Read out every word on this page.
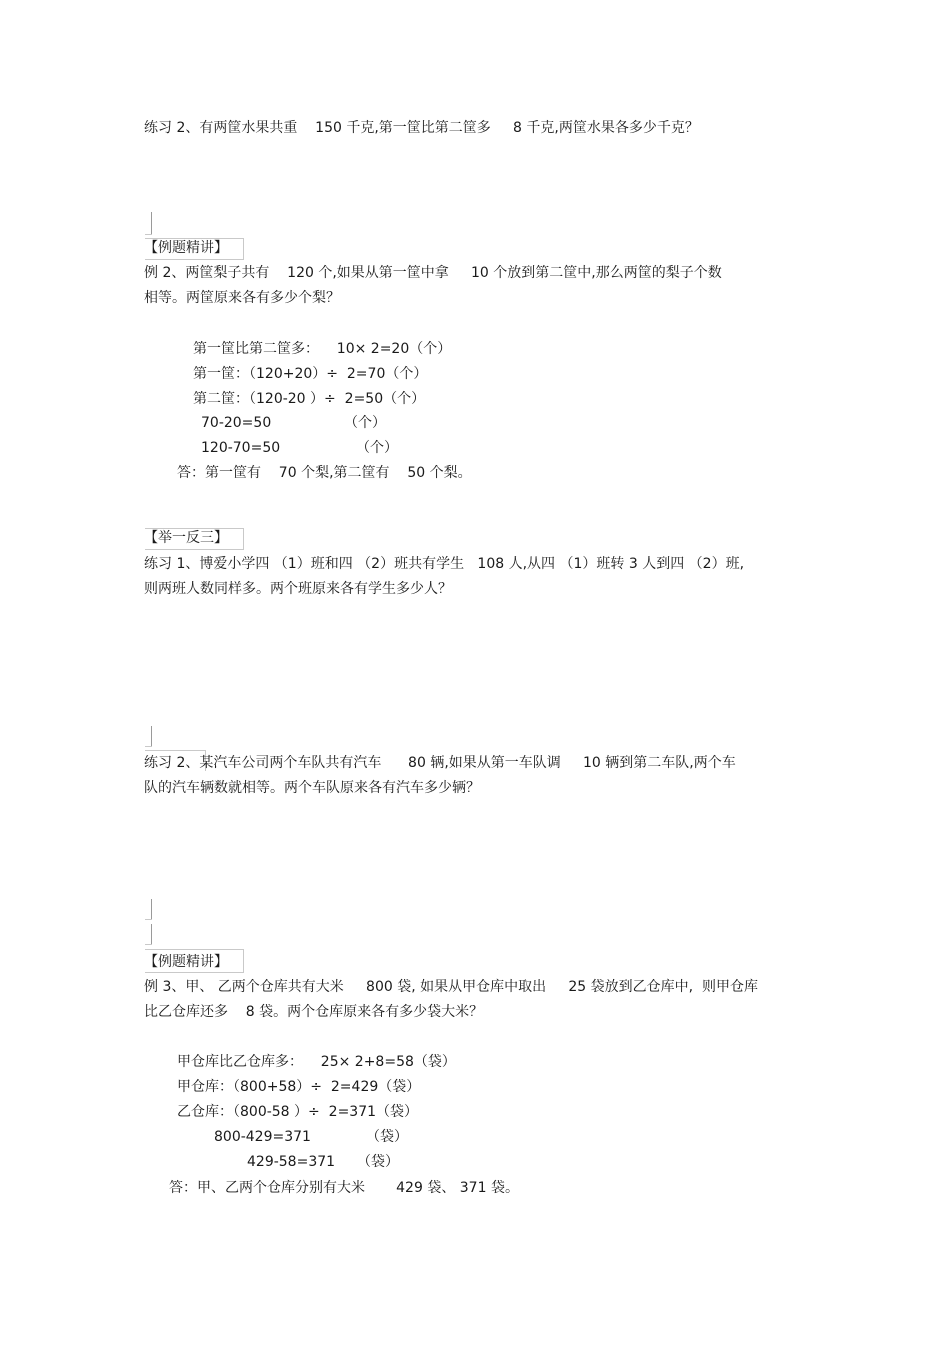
练习 2、有两筐水果共重    150 千克,第一筐比第二筐多     8 千克,两筐水果各多少千克？
【例题精讲】
例 2、两筐梨子共有    120 个,如果从第一筐中拿     10 个放到第二筐中,那么两筐的梨子个数
相等。两筐原来各有多少个梨？
第一筐比第二筐多：    10× 2=20（个）
第一筐：（120+20）÷  2=70（个）
第二筐：（120-20 ）÷  2=50（个）
70-20=50	（个）
120-70=50	（个）
答：第一筐有    70 个梨,第二筐有    50 个梨。
【举一反三】
练习 1、博爱小学四 （1）班和四 （2）班共有学生   108 人,从四 （1）班转 3 人到四 （2）班,
则两班人数同样多。两个班原来各有学生多少人？
练习 2、某汽车公司两个车队共有汽车      80 辆,如果从第一车队调     10 辆到第二车队,两个车
队的汽车辆数就相等。两个车队原来各有汽车多少辆？
【例题精讲】
例 3、甲、 乙两个仓库共有大米     800 袋, 如果从甲仓库中取出     25 袋放到乙仓库中,  则甲仓库
比乙仓库还多    8 袋。两个仓库原来各有多少袋大米？
甲仓库比乙仓库多：    25× 2+8=58（袋）
甲仓库：（800+58）÷  2=429（袋）
乙仓库：（800-58 ）÷  2=371（袋）
800-429=371	（袋）
429-58=371 （袋）
答：甲、乙两个仓库分别有大米       429 袋、 371 袋。
